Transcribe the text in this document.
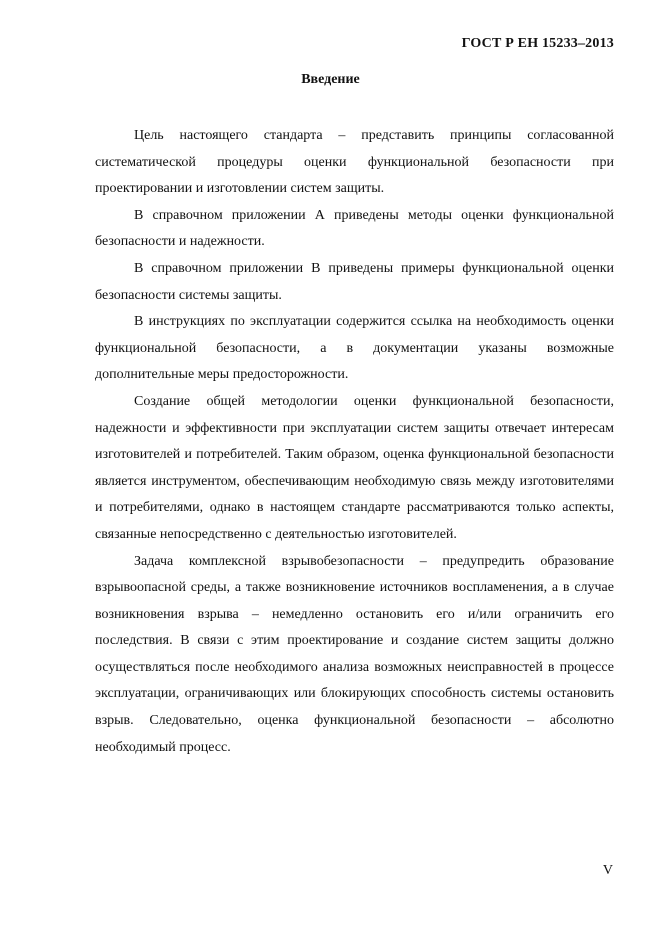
ГОСТ Р ЕН 15233–2013
Введение

Цель настоящего стандарта – представить принципы согласованной систематической процедуры оценки функциональной безопасности при проектировании и изготовлении систем защиты.

В справочном приложении А приведены методы оценки функциональной безопасности и надежности.

В справочном приложении В приведены примеры функциональной оценки безопасности системы защиты.

В инструкциях по эксплуатации содержится ссылка на необходимость оценки функциональной безопасности, а в документации указаны возможные дополнительные меры предосторожности.

Создание общей методологии оценки функциональной безопасности, надежности и эффективности при эксплуатации систем защиты отвечает интересам изготовителей и потребителей. Таким образом, оценка функциональной безопасности является инструментом, обеспечивающим необходимую связь между изготовителями и потребителями, однако в настоящем стандарте рассматриваются только аспекты, связанные непосредственно с деятельностью изготовителей.

Задача комплексной взрывобезопасности – предупредить образование взрывоопасной среды, а также возникновение источников воспламенения, а в случае возникновения взрыва – немедленно остановить его и/или ограничить его последствия. В связи с этим проектирование и создание систем защиты должно осуществляться после необходимого анализа возможных неисправностей в процессе эксплуатации, ограничивающих или блокирующих способность системы остановить взрыв. Следовательно, оценка функциональной безопасности – абсолютно необходимый процесс.

V
